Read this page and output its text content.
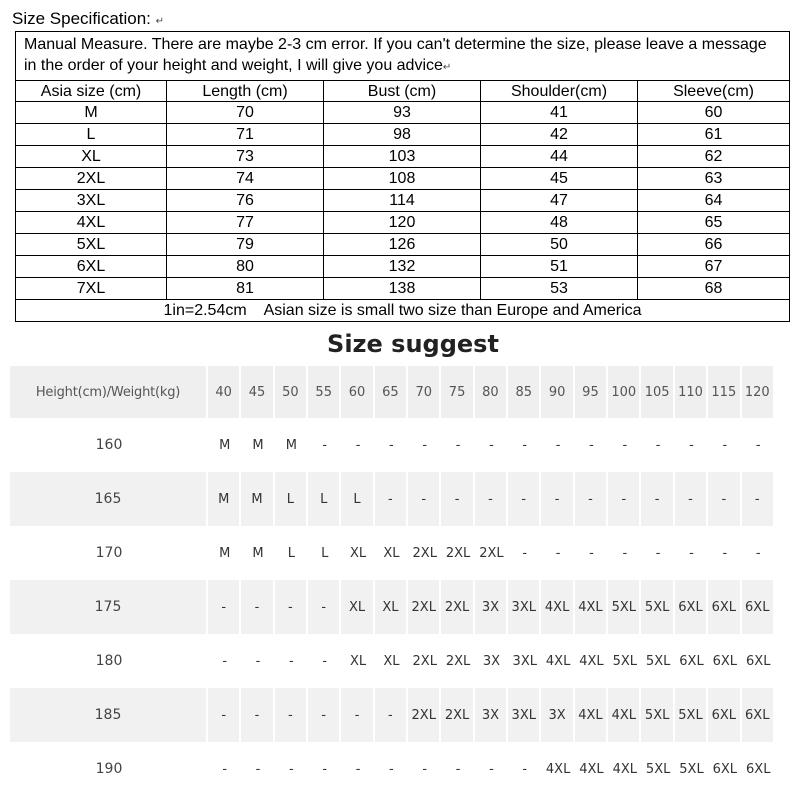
Size Specification: ↵
Manual Measure. There are maybe 2-3 cm error. If you can't determine the size, please leave a message in the order of your height and weight, I will give you advice↵				
Asia size (cm)	Length (cm)	Bust (cm)	Shoulder(cm)	Sleeve(cm)
M	70	93	41	60
L	71	98	42	61
XL	73	103	44	62
2XL	74	108	45	63
3XL	76	114	47	64
4XL	77	120	48	65
5XL	79	126	50	66
6XL	80	132	51	67
7XL	81	138	53	68
1in=2.54cm    Asian size is small two size than Europe and America				
Size suggest
Height(cm)/Weight(kg)	40	45	50	55	60	65	70	75	80	85	90	95	100	105	110	115	120
160	M	M	M	-	-	-	-	-	-	-	-	-	-	-	-	-	-
165	M	M	L	L	L	-	-	-	-	-	-	-	-	-	-	-	-
170	M	M	L	L	XL	XL	2XL	2XL	2XL	-	-	-	-	-	-	-	-
175	-	-	-	-	XL	XL	2XL	2XL	3X	3XL	4XL	4XL	5XL	5XL	6XL	6XL	6XL
180	-	-	-	-	XL	XL	2XL	2XL	3X	3XL	4XL	4XL	5XL	5XL	6XL	6XL	6XL
185	-	-	-	-	-	-	2XL	2XL	3X	3XL	3X	4XL	4XL	5XL	5XL	6XL	6XL
190	-	-	-	-	-	-	-	-	-	-	4XL	4XL	4XL	5XL	5XL	6XL	6XL
